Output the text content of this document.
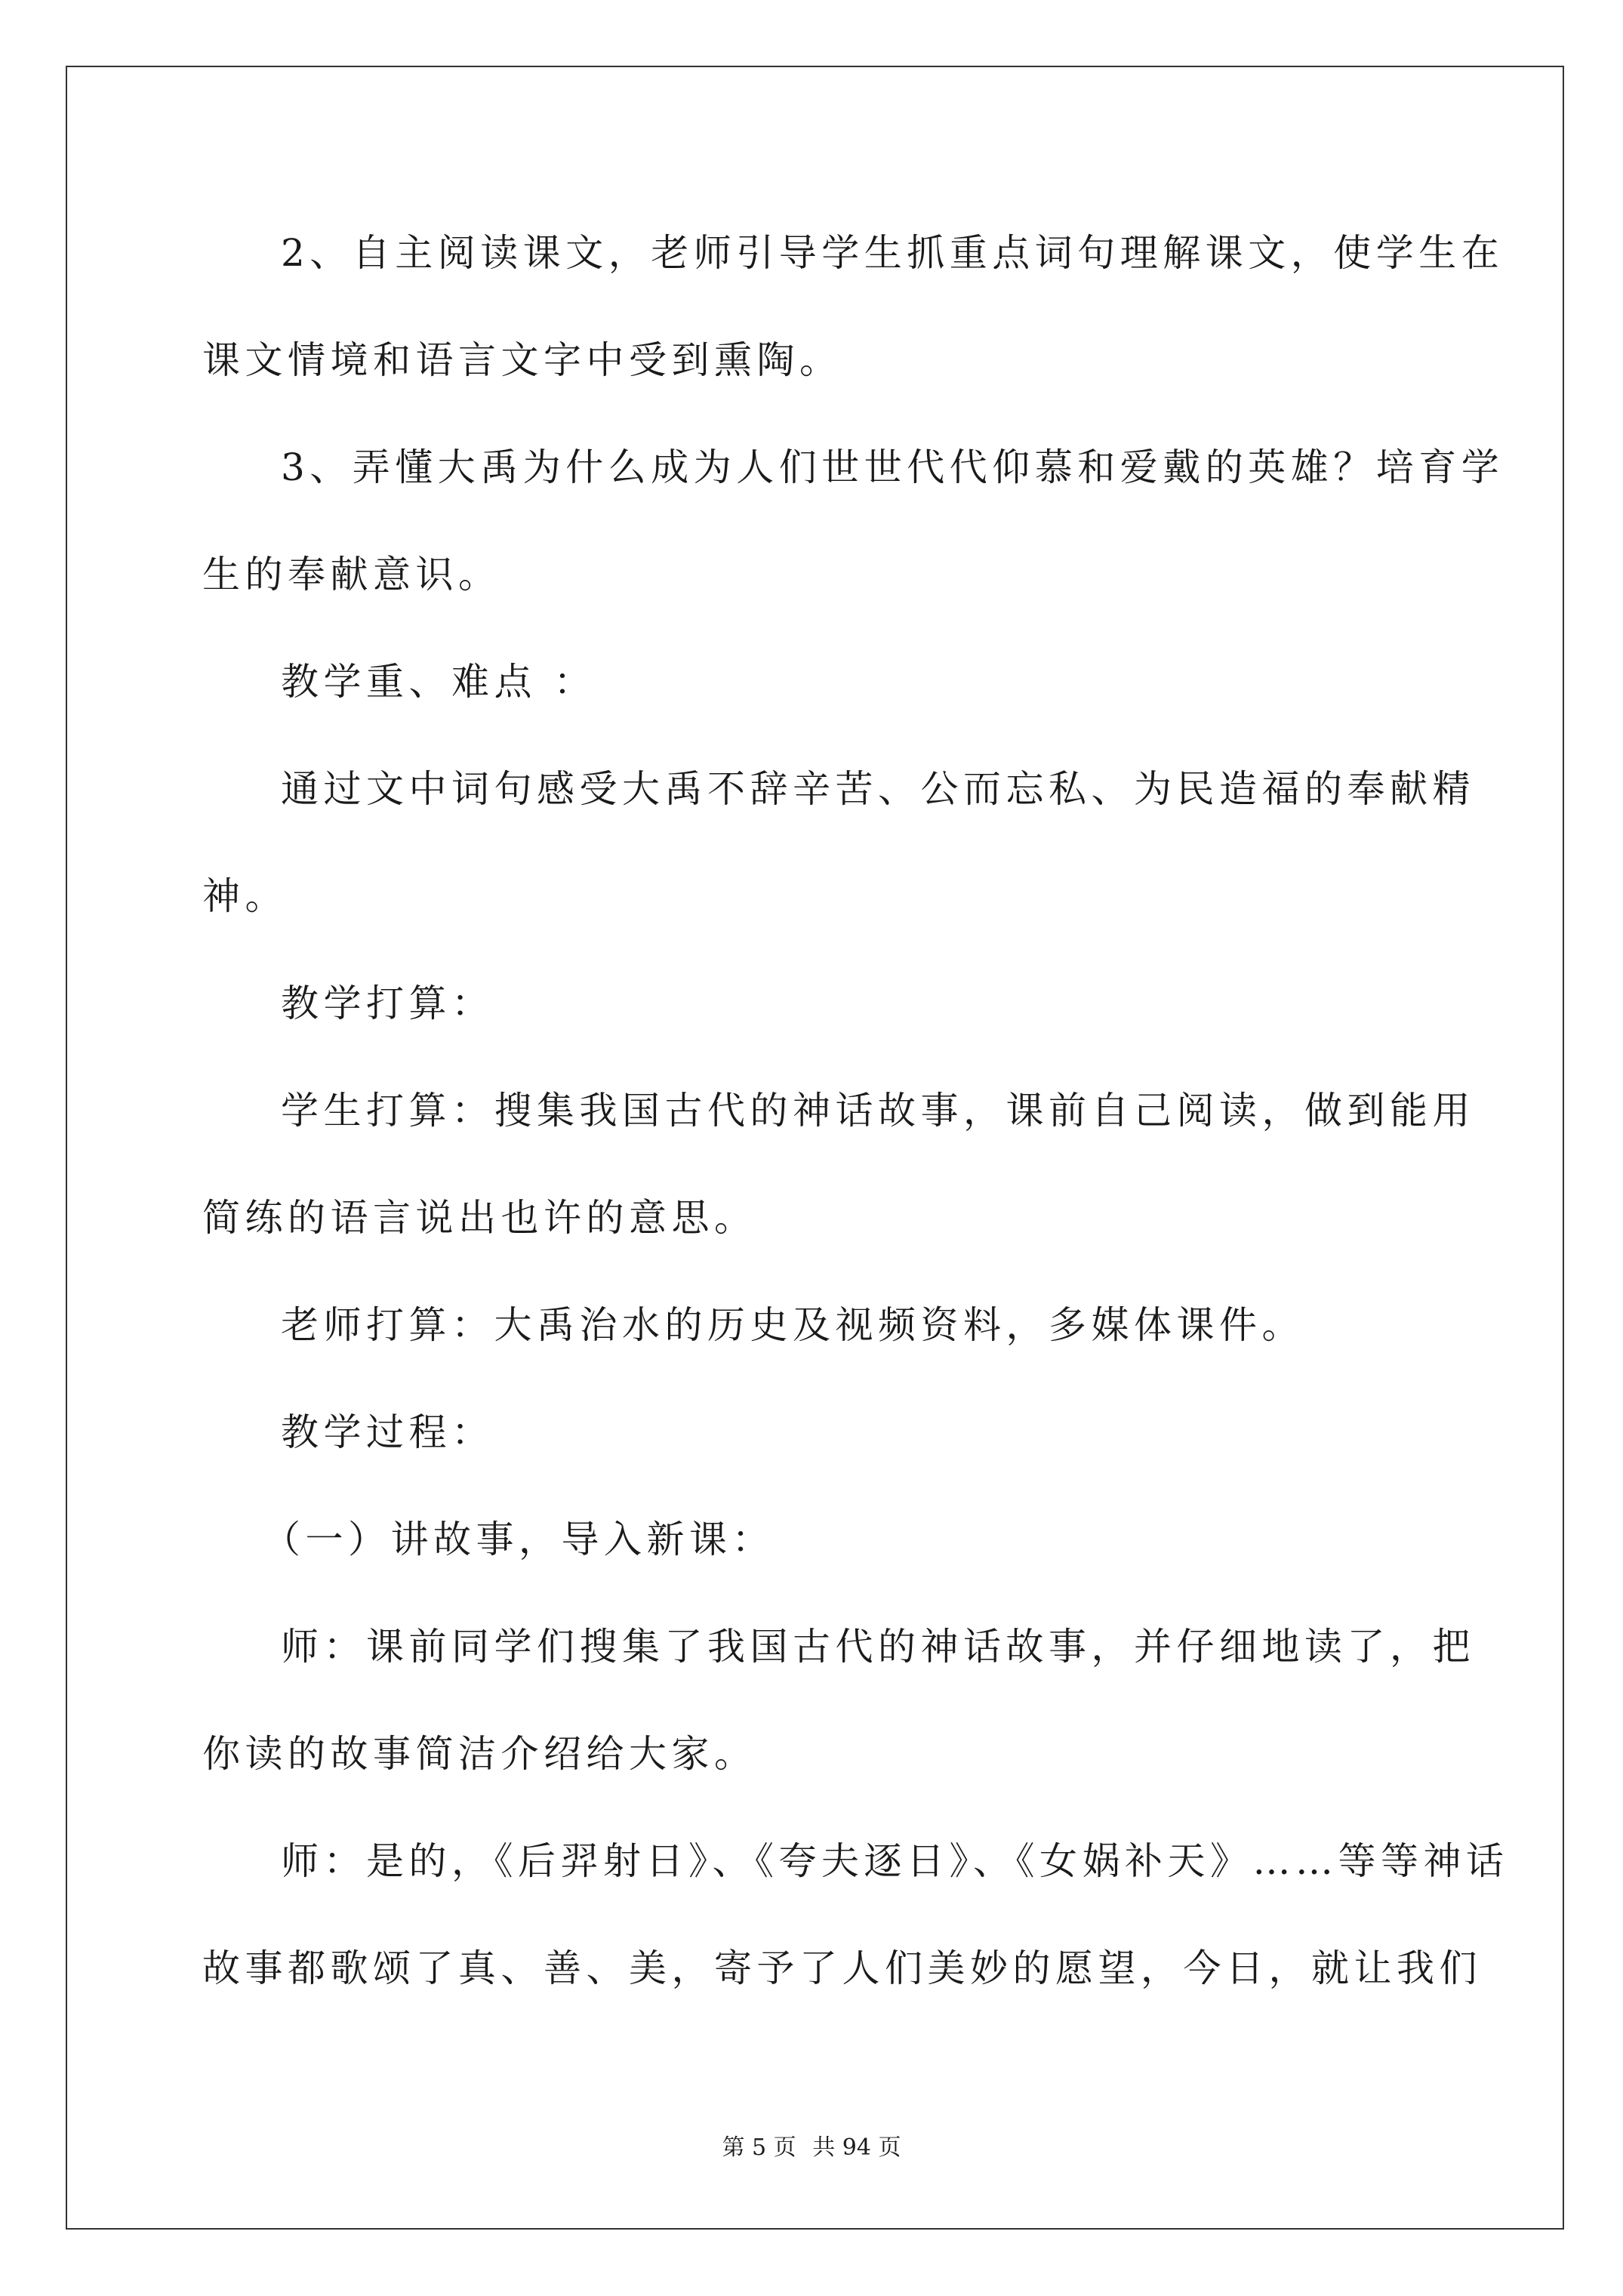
2、自主阅读课文，老师引导学生抓重点词句理解课文，使学生在
课文情境和语言文字中受到熏陶。
3、弄懂大禹为什么成为人们世世代代仰慕和爱戴的英雄？培育学
生的奉献意识。
教学重、难点 ：
通过文中词句感受大禹不辞辛苦、公而忘私、为民造福的奉献精
神。
教学打算：
学生打算：搜集我国古代的神话故事，课前自己阅读，做到能用
简练的语言说出也许的意思。
老师打算：大禹治水的历史及视频资料，多媒体课件。
教学过程：
（一）讲故事，导入新课：
师：课前同学们搜集了我国古代的神话故事，并仔细地读了，把
你读的故事简洁介绍给大家。
师：是的，《后羿射日》、《夸夫逐日》、《女娲补天》……等等神话
故事都歌颂了真、善、美，寄予了人们美妙的愿望，今日，就让我们
第 5 页 共 94 页
